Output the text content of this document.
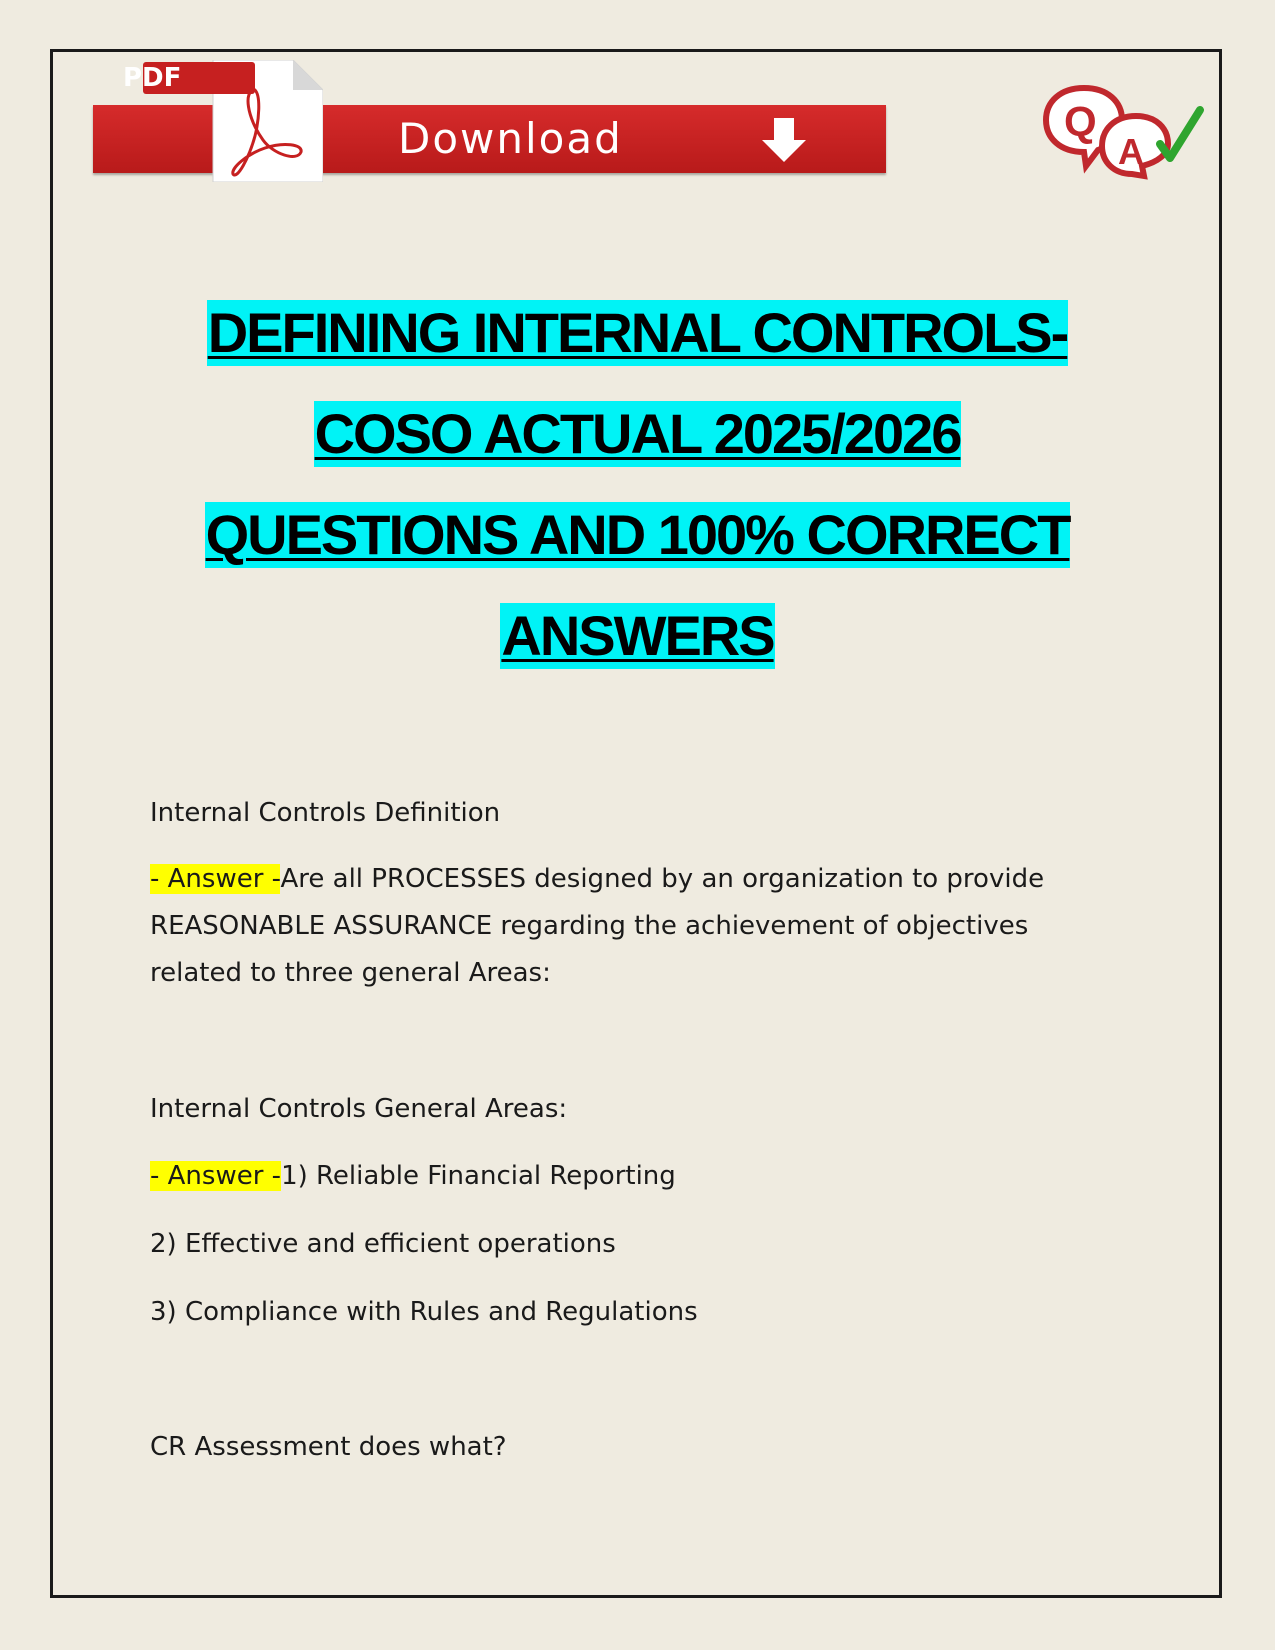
PDF
Download	Q
A
DEFINING INTERNAL CONTROLS-
COSO ACTUAL 2025/2026
QUESTIONS AND 100% CORRECT
ANSWERS
Internal Controls Definition
- Answer -Are all PROCESSES designed by an organization to provide
REASONABLE ASSURANCE regarding the achievement of objectives
related to three general Areas:
Internal Controls General Areas:
- Answer -1) Reliable Financial Reporting
2) Effective and efficient operations
3) Compliance with Rules and Regulations
CR Assessment does what?
